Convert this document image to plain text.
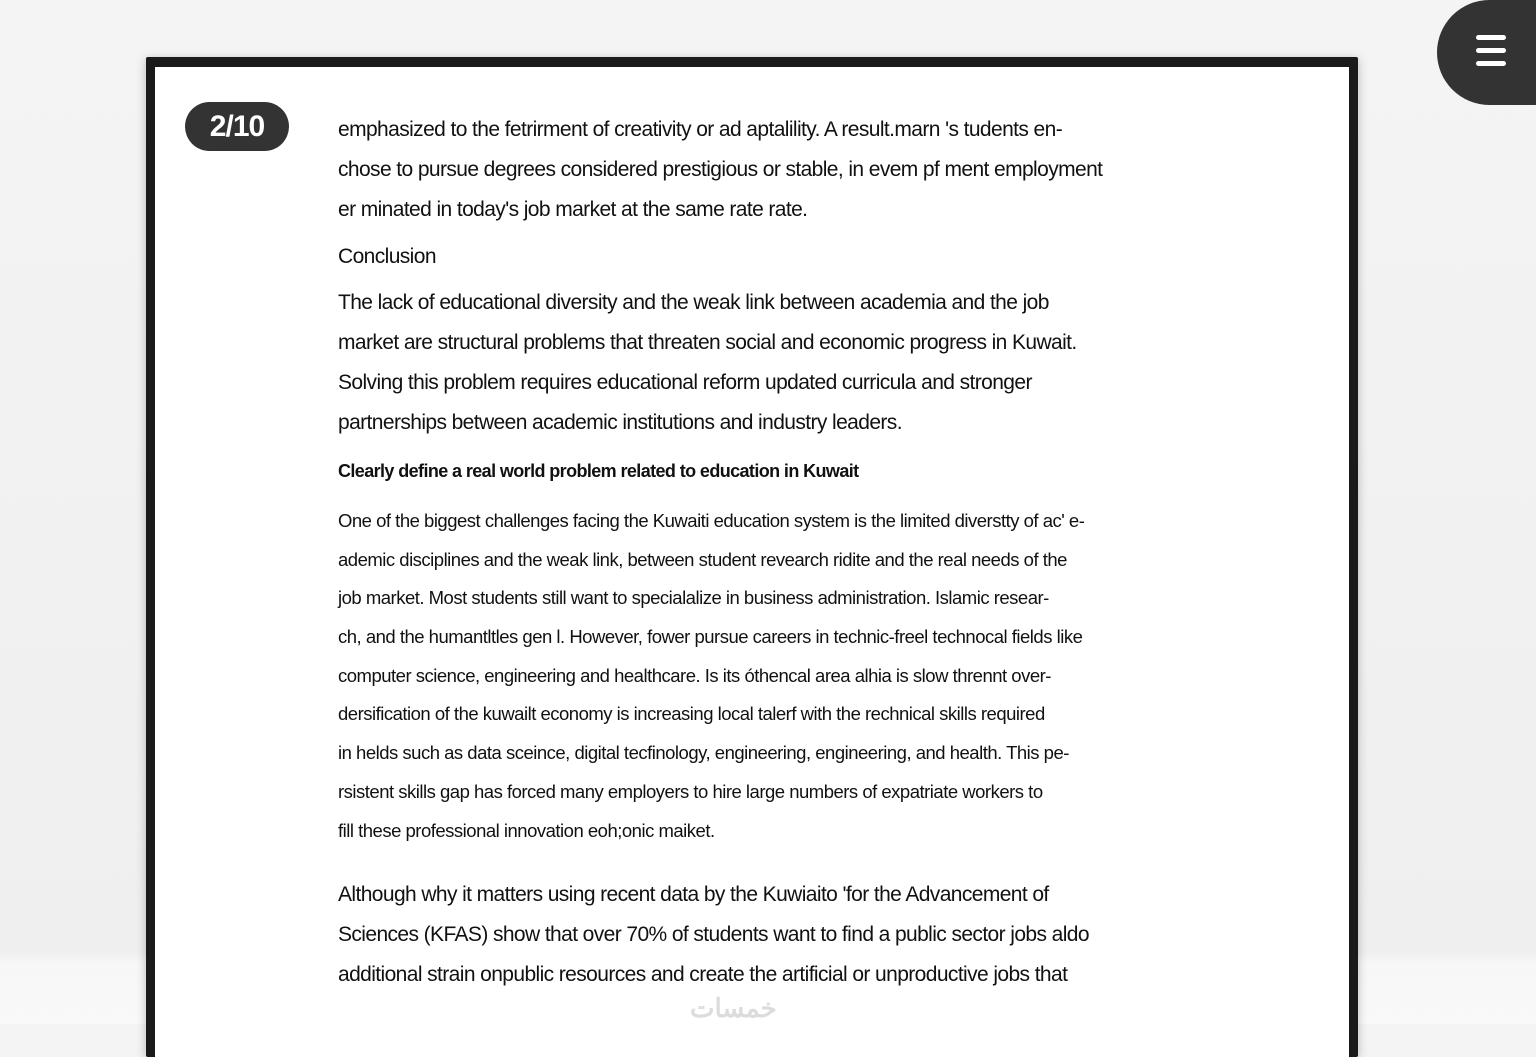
2/10	emphasized to the fetrirment of creativity or ad aptalility. A result.marn 's tudents en-
chose to pursue degrees considered prestigious or stable, in evem pf ment employment
er minated in today's job market at the same rate rate.
Conclusion
The lack of educational diversity and the weak link between academia and the job
market are structural problems that threaten social and economic progress in Kuwait.
Solving this problem requires educational reform updated curricula and stronger
partnerships between academic institutions and industry leaders.
Clearly define a real world problem related to education in Kuwait
One of the biggest challenges facing the Kuwaiti education system is the limited diverstty of ac' e-
ademic disciplines and the weak link, between student revearch ridite and the real needs of the
job market. Most students still want to specialalize in business administration. Islamic resear-
ch, and the humantltles gen l. However, fower pursue careers in technic-freel technocal fields like
computer science, engineering and healthcare. Is its óthencal area alhia is slow thrennt over-
dersification of the kuwailt economy is increasing local talerf with the rechnical skills required
in helds such as data sceince, digital tecfinology, engineering, engineering, and health. This pe-
rsistent skills gap has forced many employers to hire large numbers of expatriate workers to
fill these professional innovation eoh;onic maiket.
Although why it matters using recent data by the Kuwiaito 'for the Advancement of
Sciences (KFAS) show that over 70% of students want to find a public sector jobs aldo
additional strain onpublic resources and create the artificial or unproductive jobs that
خمسات
